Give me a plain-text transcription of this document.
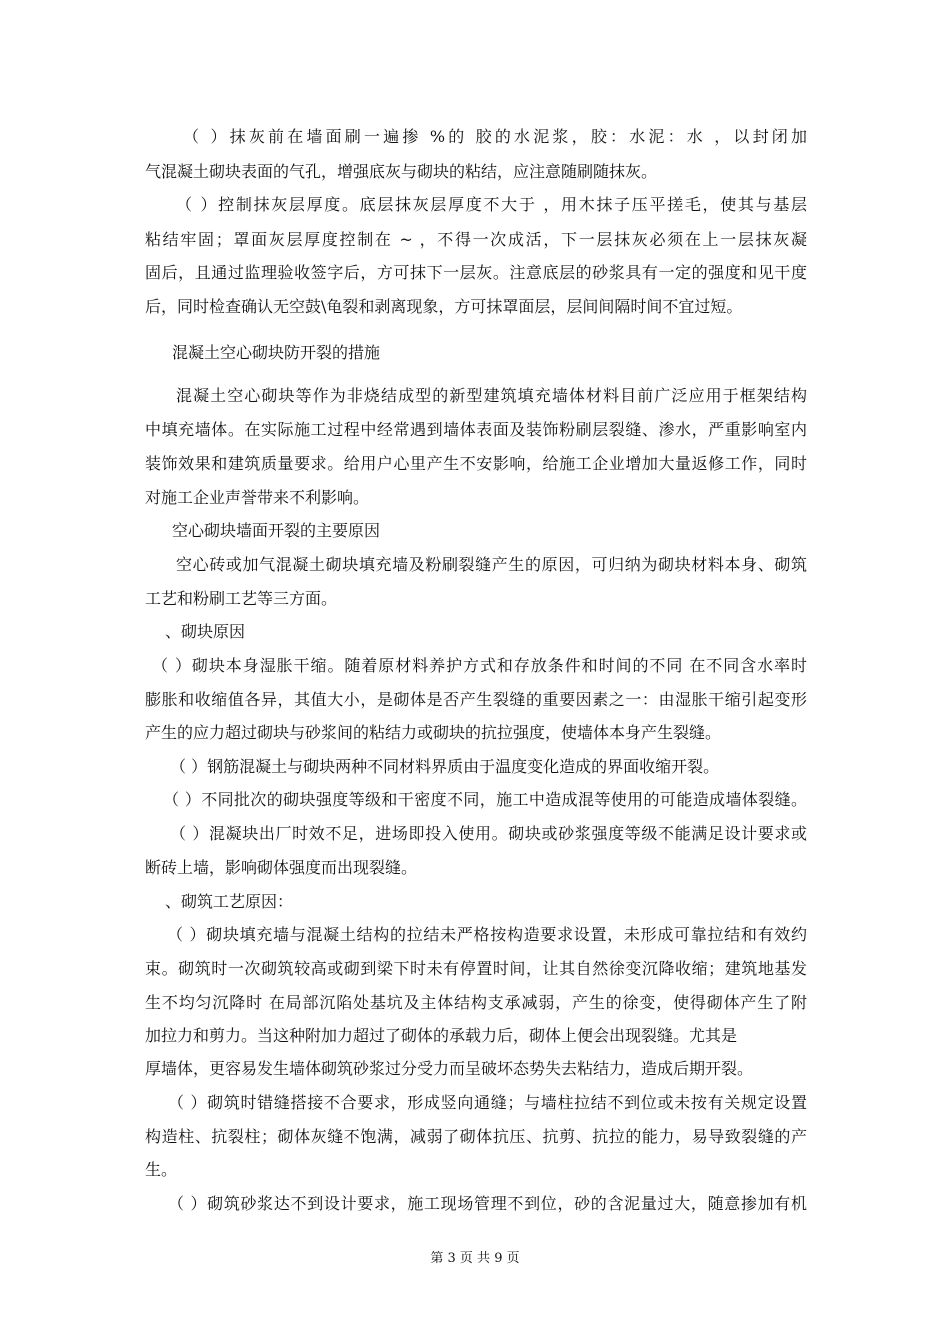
（ ）抹灰前在墙面刷一遍掺 %的 胶的水泥浆，胶：水泥：水 ，以封闭加
气混凝土砌块表面的气孔，增强底灰与砌块的粘结，应注意随刷随抹灰。
（ ）控制抹灰层厚度。底层抹灰层厚度不大于 ，用木抹子压平搓毛，使其与基层
粘结牢固；罩面灰层厚度控制在 ~ ，不得一次成活，下一层抹灰必须在上一层抹灰凝
固后，且通过监理验收签字后，方可抹下一层灰。注意底层的砂浆具有一定的强度和见干度
后，同时检查确认无空鼓\龟裂和剥离现象，方可抹罩面层，层间间隔时间不宜过短。
混凝土空心砌块防开裂的措施
混凝土空心砌块等作为非烧结成型的新型建筑填充墙体材料目前广泛应用于框架结构
中填充墙体。在实际施工过程中经常遇到墙体表面及装饰粉刷层裂缝、渗水，严重影响室内
装饰效果和建筑质量要求。给用户心里产生不安影响，给施工企业增加大量返修工作，同时
对施工企业声誉带来不利影响。
空心砌块墙面开裂的主要原因
空心砖或加气混凝土砌块填充墙及粉刷裂缝产生的原因，可归纳为砌块材料本身、砌筑
工艺和粉刷工艺等三方面。
、砌块原因
（ ）砌块本身湿胀干缩。随着原材料养护方式和存放条件和时间的不同 在不同含水率时
膨胀和收缩值各异，其值大小，是砌体是否产生裂缝的重要因素之一：由湿胀干缩引起变形
产生的应力超过砌块与砂浆间的粘结力或砌块的抗拉强度，使墙体本身产生裂缝。
（ ）钢筋混凝土与砌块两种不同材料界质由于温度变化造成的界面收缩开裂。
（ ）不同批次的砌块强度等级和干密度不同，施工中造成混等使用的可能造成墙体裂缝。
（ ）混凝块出厂时效不足，进场即投入使用。砌块或砂浆强度等级不能满足设计要求或
断砖上墙，影响砌体强度而出现裂缝。
、砌筑工艺原因：
（ ）砌块填充墙与混凝土结构的拉结未严格按构造要求设置，未形成可靠拉结和有效约
束。砌筑时一次砌筑较高或砌到梁下时未有停置时间，让其自然徐变沉降收缩；建筑地基发
生不均匀沉降时 在局部沉陷处基坑及主体结构支承减弱，产生的徐变，使得砌体产生了附
加拉力和剪力。当这种附加力超过了砌体的承载力后，砌体上便会出现裂缝。尤其是
厚墙体，更容易发生墙体砌筑砂浆过分受力而呈破坏态势失去粘结力，造成后期开裂。
（ ）砌筑时错缝搭接不合要求，形成竖向通缝；与墙柱拉结不到位或未按有关规定设置
构造柱、抗裂柱；砌体灰缝不饱满，减弱了砌体抗压、抗剪、抗拉的能力，易导致裂缝的产
生。
（ ）砌筑砂浆达不到设计要求，施工现场管理不到位，砂的含泥量过大，随意掺加有机
第 3 页 共 9 页
